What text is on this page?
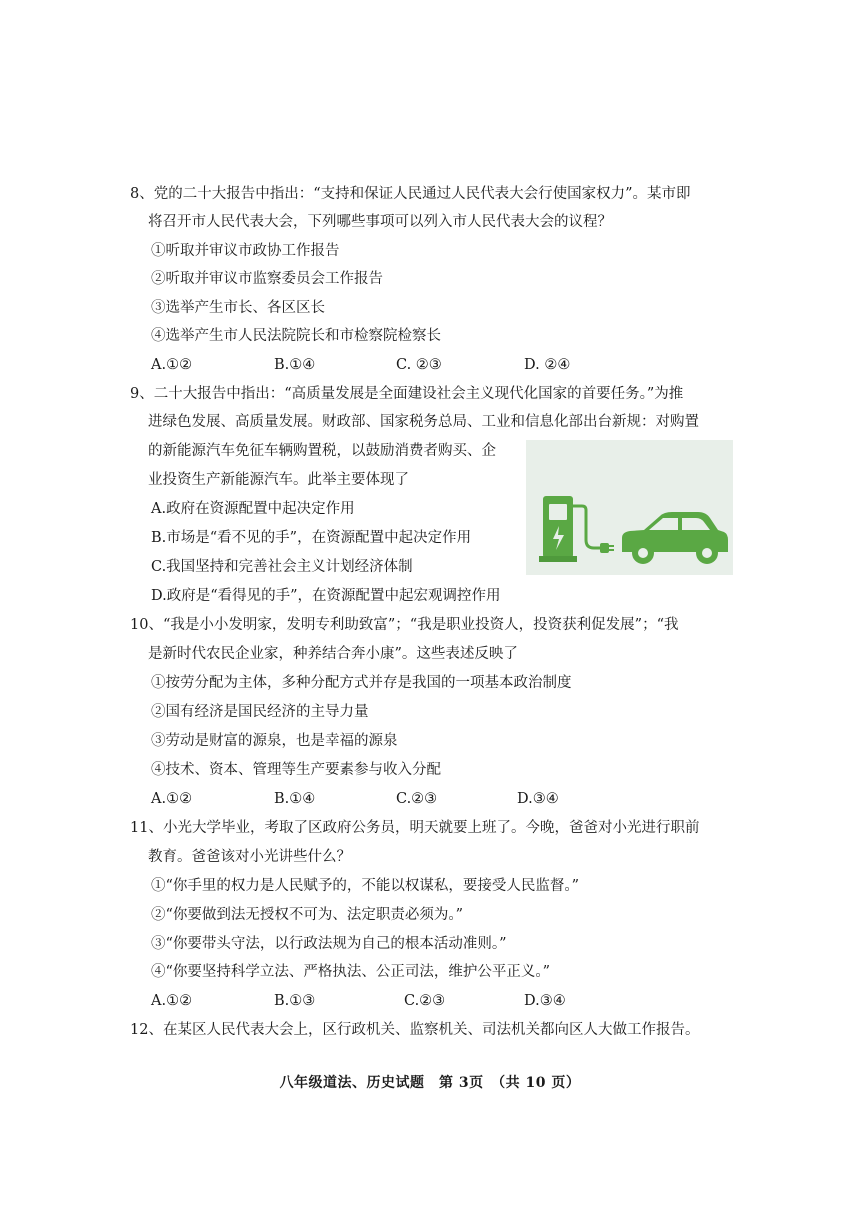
8、党的二十大报告中指出：“支持和保证人民通过人民代表大会行使国家权力”。某市即
将召开市人民代表大会，下列哪些事项可以列入市人民代表大会的议程？
①听取并审议市政协工作报告
②听取并审议市监察委员会工作报告
③选举产生市长、各区区长
④选举产生市人民法院院长和市检察院检察长
A.①②	B.①④	C. ②③	D. ②④
9、二十大报告中指出：“高质量发展是全面建设社会主义现代化国家的首要任务。”为推
进绿色发展、高质量发展。财政部、国家税务总局、工业和信息化部出台新规：对购置
的新能源汽车免征车辆购置税，以鼓励消费者购买、企
业投资生产新能源汽车。此举主要体现了
A.政府在资源配置中起决定作用
B.市场是“看不见的手”，在资源配置中起决定作用
C.我国坚持和完善社会主义计划经济体制
D.政府是“看得见的手”，在资源配置中起宏观调控作用
10、“我是小小发明家，发明专利助致富”；“我是职业投资人，投资获利促发展”；“我
是新时代农民企业家，种养结合奔小康”。这些表述反映了
①按劳分配为主体，多种分配方式并存是我国的一项基本政治制度
②国有经济是国民经济的主导力量
③劳动是财富的源泉，也是幸福的源泉
④技术、资本、管理等生产要素参与收入分配
A.①②	B.①④	C.②③	D.③④
11、小光大学毕业，考取了区政府公务员，明天就要上班了。今晚，爸爸对小光进行职前
教育。爸爸该对小光讲些什么？
①“你手里的权力是人民赋予的，不能以权谋私，要接受人民监督。”
②“你要做到法无授权不可为、法定职责必须为。”
③“你要带头守法，以行政法规为自己的根本活动准则。”
④“你要坚持科学立法、严格执法、公正司法，维护公平正义。”
A.①②	B.①③	C.②③	D.③④
12、在某区人民代表大会上，区行政机关、监察机关、司法机关都向区人大做工作报告。
八年级道法、历史试题　第 3页　（共 10 页）
